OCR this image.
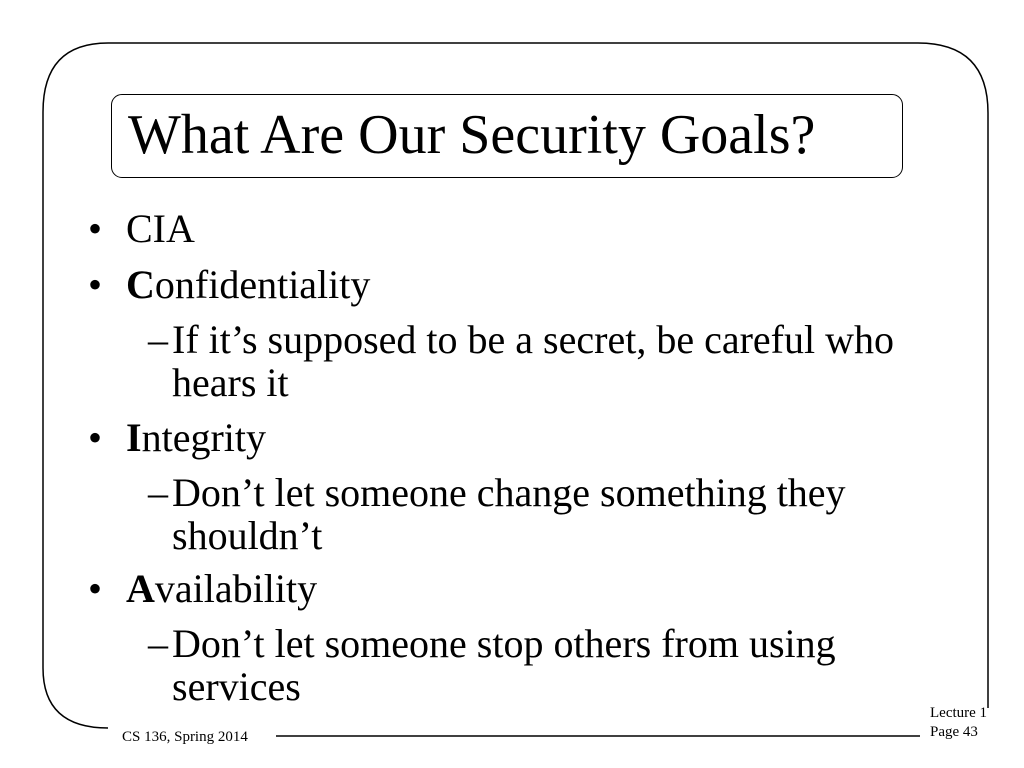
What Are Our Security Goals?
• CIA
• Confidentiality
– If it’s supposed to be a secret, be careful who hears it
• Integrity
– Don’t let someone change something they shouldn’t
• Availability
– Don’t let someone stop others from using services
CS 136, Spring 2014
Lecture 1
Page 43
